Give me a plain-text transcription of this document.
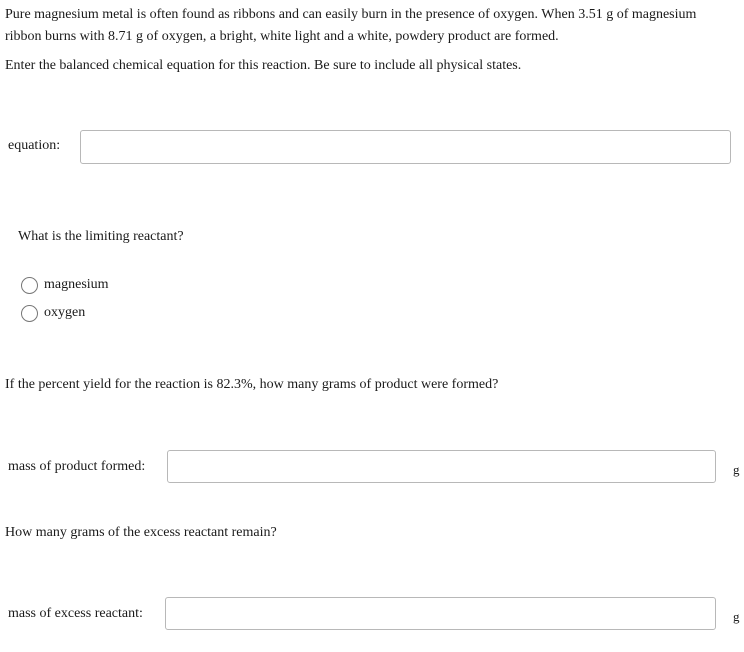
Pure magnesium metal is often found as ribbons and can easily burn in the presence of oxygen. When 3.51 g of magnesium
ribbon burns with 8.71 g of oxygen, a bright, white light and a white, powdery product are formed.

Enter the balanced chemical equation for this reaction. Be sure to include all physical states.

equation:
What is the limiting reactant?
magnesium
oxygen
If the percent yield for the reaction is 82.3%, how many grams of product were formed?
mass of product formed:	g
How many grams of the excess reactant remain?
mass of excess reactant:	g
